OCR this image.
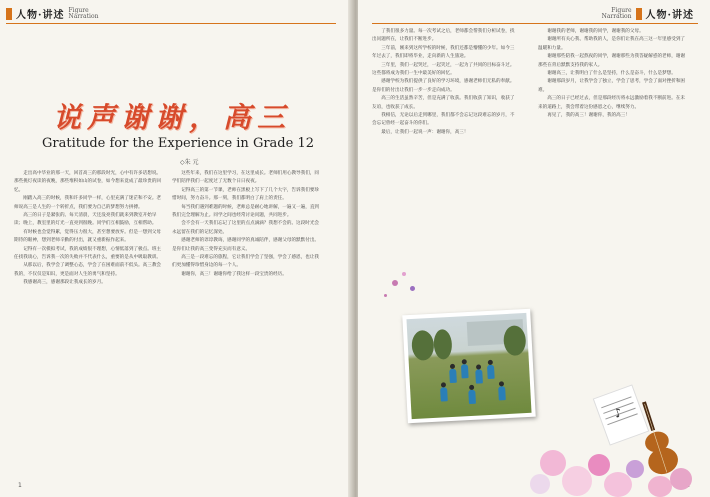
人物·讲述 Figure
Narration
说声谢谢，高三
Gratitude for the Experience in Grade 12
◇朱 元

走出高中毕业的那一天，回首高三的那段时光，心中有许多话想说。那些挑灯夜读的夜晚，那些堆积如山的试卷，如今想来竟成了最珍贵的回忆。

刚踏入高三的时候，我和许多同学一样，心里充满了迷茫和不安。老师说高三是人生的一个转折点，我们要为自己的梦想努力拼搏。

高三的日子是紧张的。每天清晨，天还没亮我们就来到教室开始早读；晚上，教室里的灯光一直亮到很晚。同学们互相鼓励，互相帮助。

有时候也会觉得累，觉得压力很大，甚至想要放弃。但是一想到父母期待的眼神，想到老师辛勤的付出，就又重新振作起来。

记得有一次模拟考试，我的成绩很不理想，心情低落到了极点。班主任找我谈心，告诉我一次的失败并不代表什么，重要的是从中吸取教训。

从那以后，我学会了调整心态，学会了在困难面前不低头。高三教会我的，不仅仅是知识，更是面对人生的勇气和坚持。

我感谢高三，感谢那段让我成长的岁月。

这些年来，我们在这里学习，在这里成长。老师们用心教导我们，同学们陪伴我们一起度过了无数个日日夜夜。

记得高三的第一节课，老师在黑板上写下了几个大字，告诉我们要珍惜时间，努力奋斗。那一刻，我们都明白了肩上的责任。

每当我们遇到难题的时候，老师总是耐心地讲解，一遍又一遍，直到我们完全理解为止。同学之间也经常讨论问题，共同进步。

会不会有一天我们忘记了这里的点点滴滴？我想不会的。这段时光会永远留在我们的记忆深处。

感谢老师的谆谆教诲，感谢同学的真诚陪伴，感谢父母的默默付出。是你们让我的高三变得充实而有意义。

高三是一段难忘的旅程，它让我们学会了坚强，学会了感恩，也让我们更加懂得珍惜身边的每一个人。

谢谢你，高三！谢谢你给了我这样一段宝贵的经历。

1
Figure
Narration 人物·讲述

了我们很多力量。每一次考试之后，老师都会帮我们分析试卷，找出问题所在，让我们不断进步。

三年前，刚来到这所学校的时候，我们还都是懵懂的少年。如今三年过去了，我们即将毕业，走向新的人生旅途。

三年里，我们一起哭过，一起笑过，一起为了共同的目标奋斗过。这些都将成为我们一生中最美好的回忆。

感谢学校为我们提供了良好的学习环境，感谢老师们无私的奉献。是你们的付出让我们一步一步走向成功。

高三的生活虽然辛苦，但是充满了收获。我们收获了知识，收获了友谊，也收获了成长。

我相信，无论以后走到哪里，我们都不会忘记这段难忘的岁月，不会忘记曾经一起奋斗的你们。

最后，让我们一起说一声：谢谢你，高三！

谢谢我的老师，谢谢我的同学，谢谢我的父母。

谢谢所有关心我、帮助我的人，是你们让我在高三这一年里感受到了温暖和力量。

谢谢那些陪我一起熬夜的同学，谢谢那些为我答疑解惑的老师，谢谢那些在背后默默支持我的家人。

谢谢高三，让我明白了什么是坚持，什么是奋斗，什么是梦想。

谢谢那段岁月，让我学会了独立，学会了思考，学会了面对挫折和困难。

高三的日子已经过去，但是那段经历将永远激励着我不断前进。在未来的道路上，我会带着这份感恩之心，继续努力。

再见了，我的高三！谢谢你，我的高三！

♪
